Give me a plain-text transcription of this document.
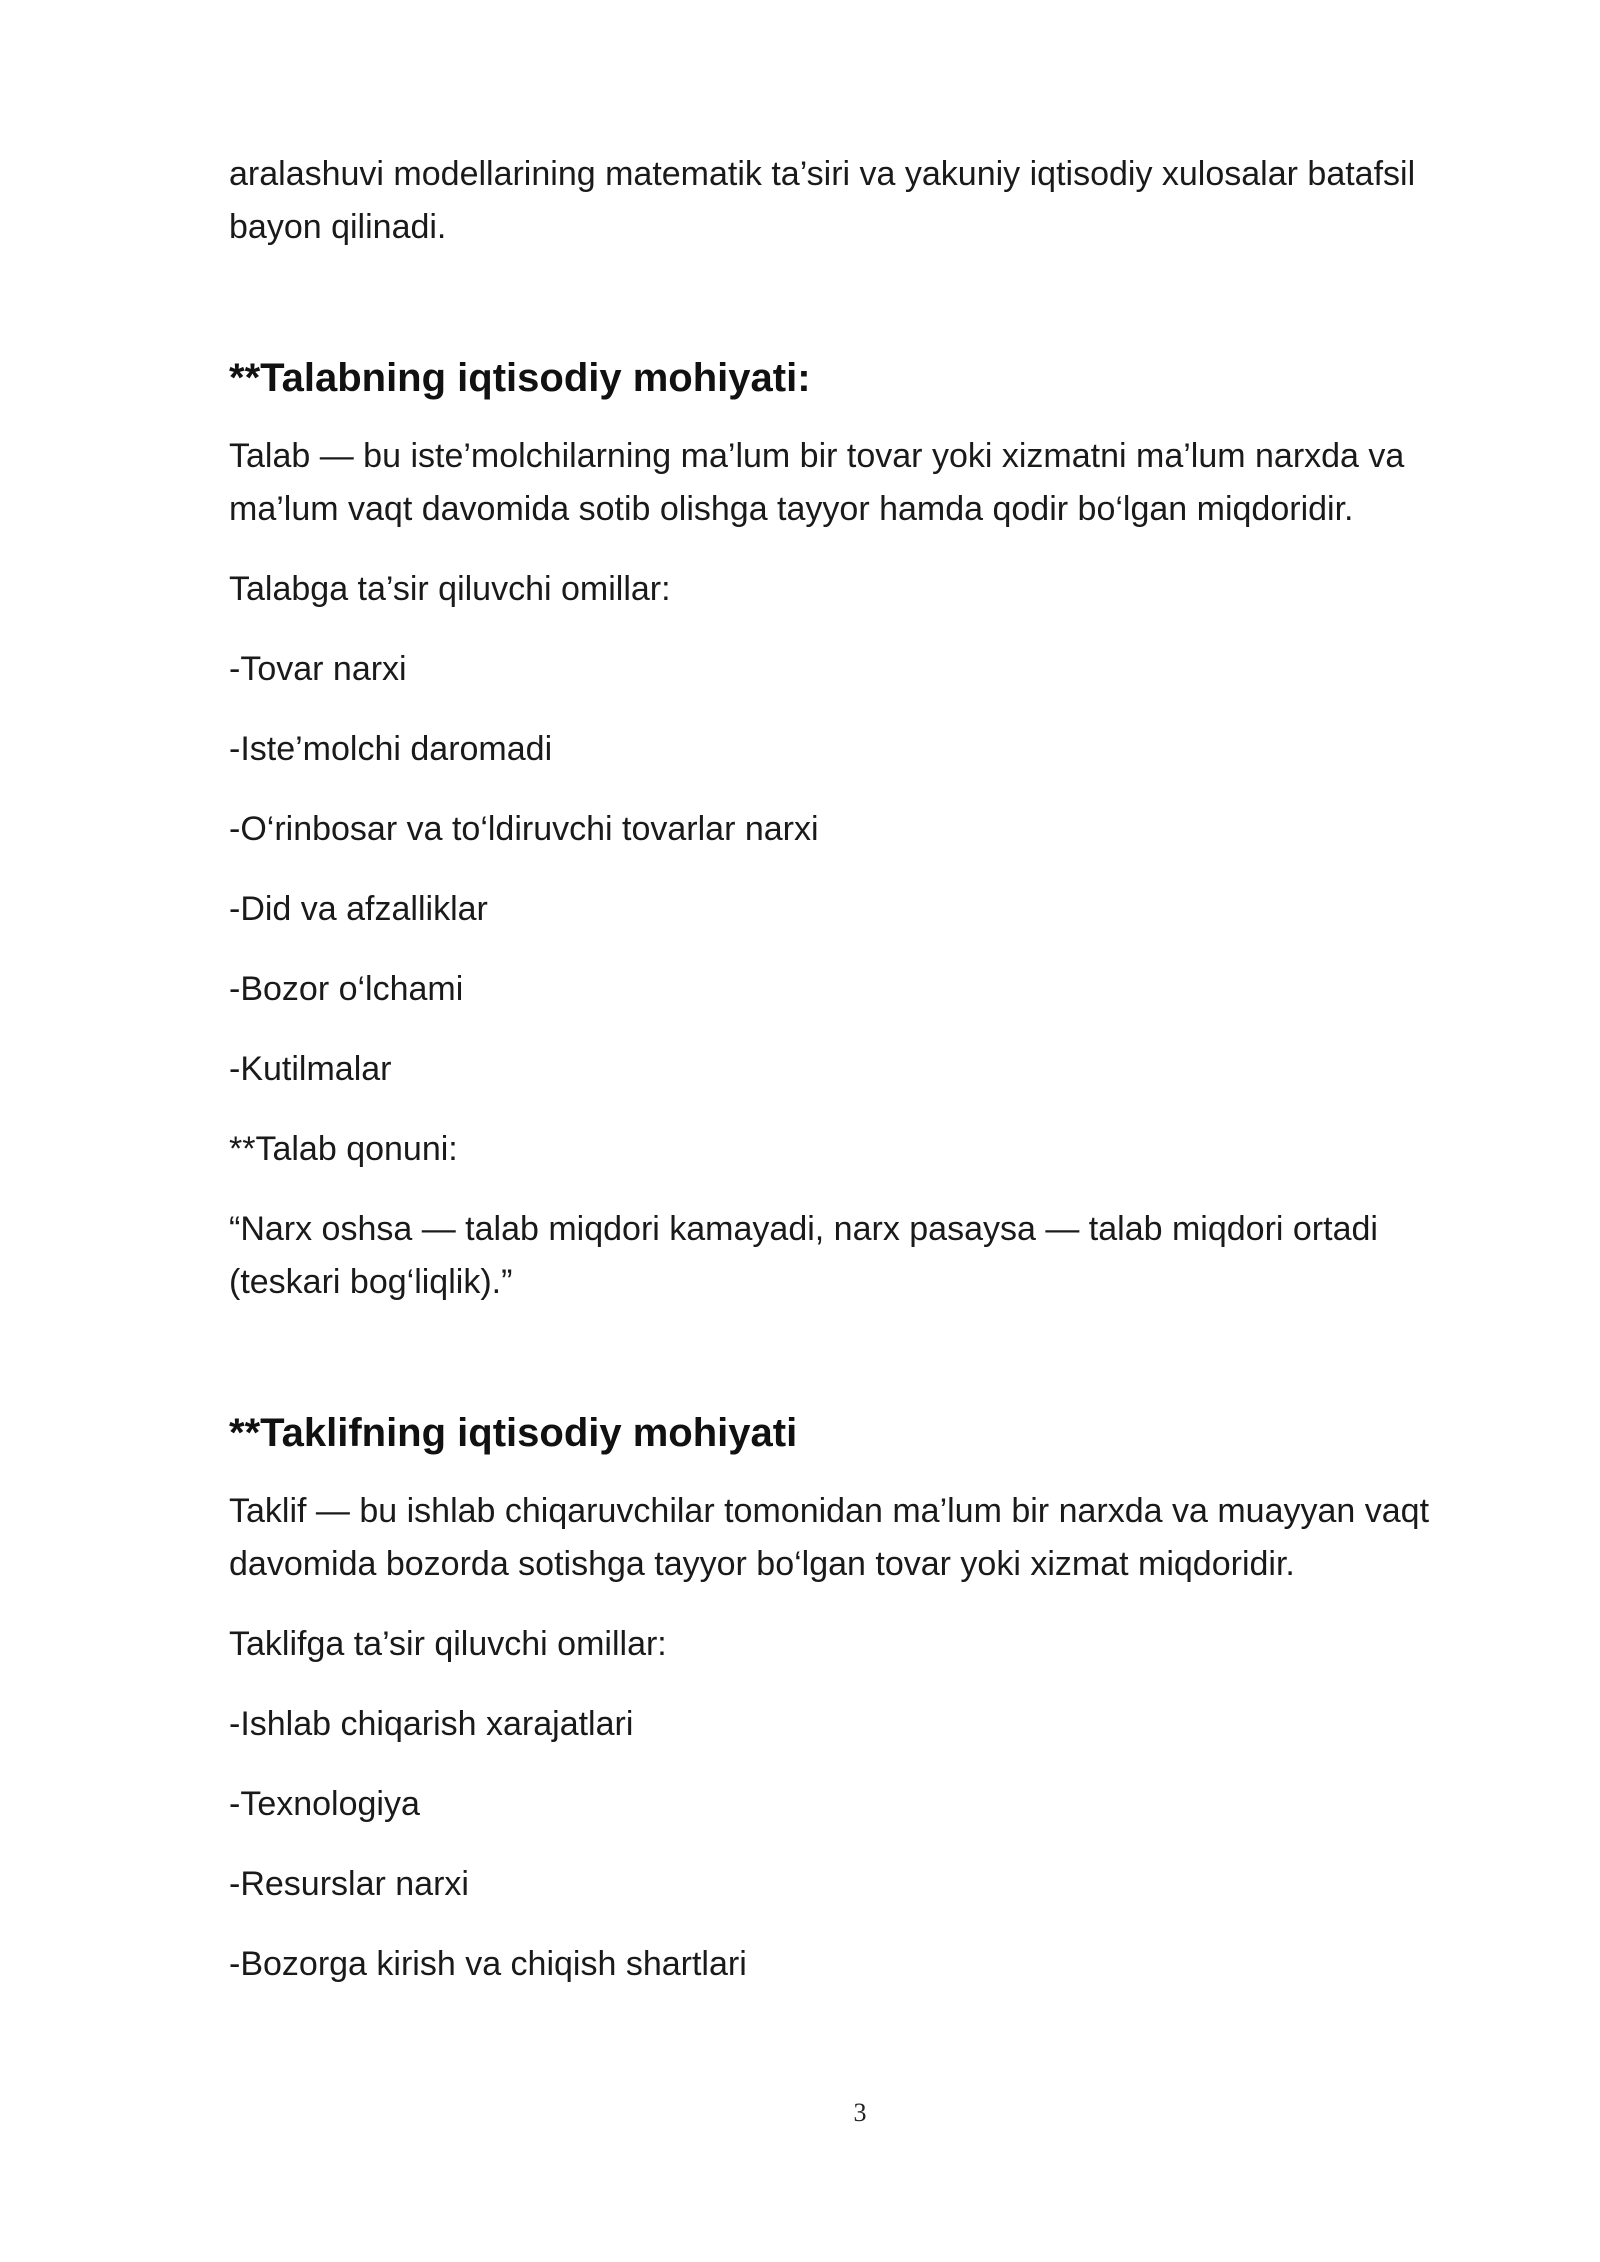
aralashuvi modellarining matematik ta’siri va yakuniy iqtisodiy xulosalar batafsil bayon qilinadi.

**Talabning iqtisodiy mohiyati:

Talab — bu iste’molchilarning ma’lum bir tovar yoki xizmatni ma’lum narxda va ma’lum vaqt davomida sotib olishga tayyor hamda qodir bo‘lgan miqdoridir.

Talabga ta’sir qiluvchi omillar:

-Tovar narxi

-Iste’molchi daromadi

-O‘rinbosar va to‘ldiruvchi tovarlar narxi

-Did va afzalliklar

-Bozor o‘lchami

-Kutilmalar

**Talab qonuni:

“Narx oshsa — talab miqdori kamayadi, narx pasaysa — talab miqdori ortadi (teskari bog‘liqlik).”

**Taklifning iqtisodiy mohiyati

Taklif — bu ishlab chiqaruvchilar tomonidan ma’lum bir narxda va muayyan vaqt davomida bozorda sotishga tayyor bo‘lgan tovar yoki xizmat miqdoridir.

Taklifga ta’sir qiluvchi omillar:

-Ishlab chiqarish xarajatlari

-Texnologiya

-Resurslar narxi

-Bozorga kirish va chiqish shartlari

3
